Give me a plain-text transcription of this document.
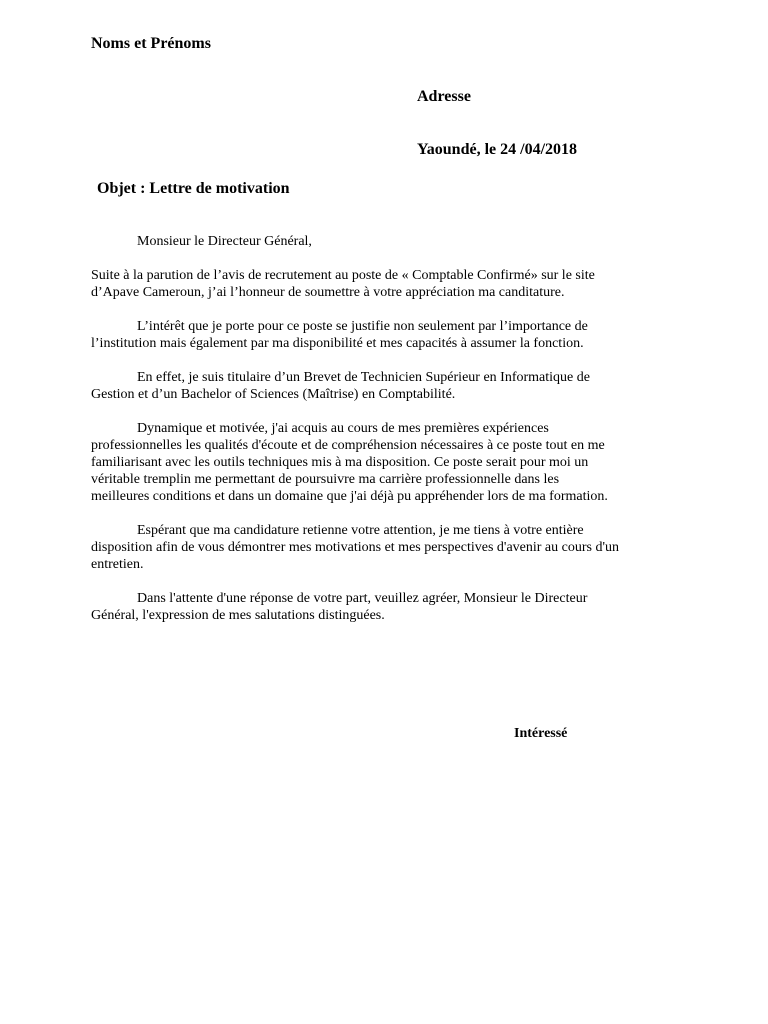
Noms et Prénoms
Adresse
Yaoundé, le 24 /04/2018
Objet : Lettre de motivation
Monsieur le Directeur Général,
Suite à la parution de l’avis de recrutement au poste de « Comptable Confirmé» sur le site
d’Apave Cameroun, j’ai l’honneur de soumettre à votre appréciation ma canditature.
L’intérêt que je porte pour ce poste se justifie non seulement par l’importance de
l’institution mais également par ma disponibilité et mes capacités à assumer la fonction.
En effet, je suis titulaire d’un Brevet de Technicien Supérieur en Informatique de
Gestion et d’un Bachelor of Sciences (Maîtrise) en Comptabilité.
Dynamique et motivée, j'ai acquis au cours de mes premières expériences
professionnelles les qualités d'écoute et de compréhension nécessaires à ce poste tout en me
familiarisant avec les outils techniques mis à ma disposition. Ce poste serait pour moi un
véritable tremplin me permettant de poursuivre ma carrière professionnelle dans les
meilleures conditions et dans un domaine que j'ai déjà pu appréhender lors de ma formation.
Espérant que ma candidature retienne votre attention, je me tiens à votre entière
disposition afin de vous démontrer mes motivations et mes perspectives d'avenir au cours d'un
entretien.
Dans l'attente d'une réponse de votre part, veuillez agréer, Monsieur le Directeur
Général, l'expression de mes salutations distinguées.
Intéressé
